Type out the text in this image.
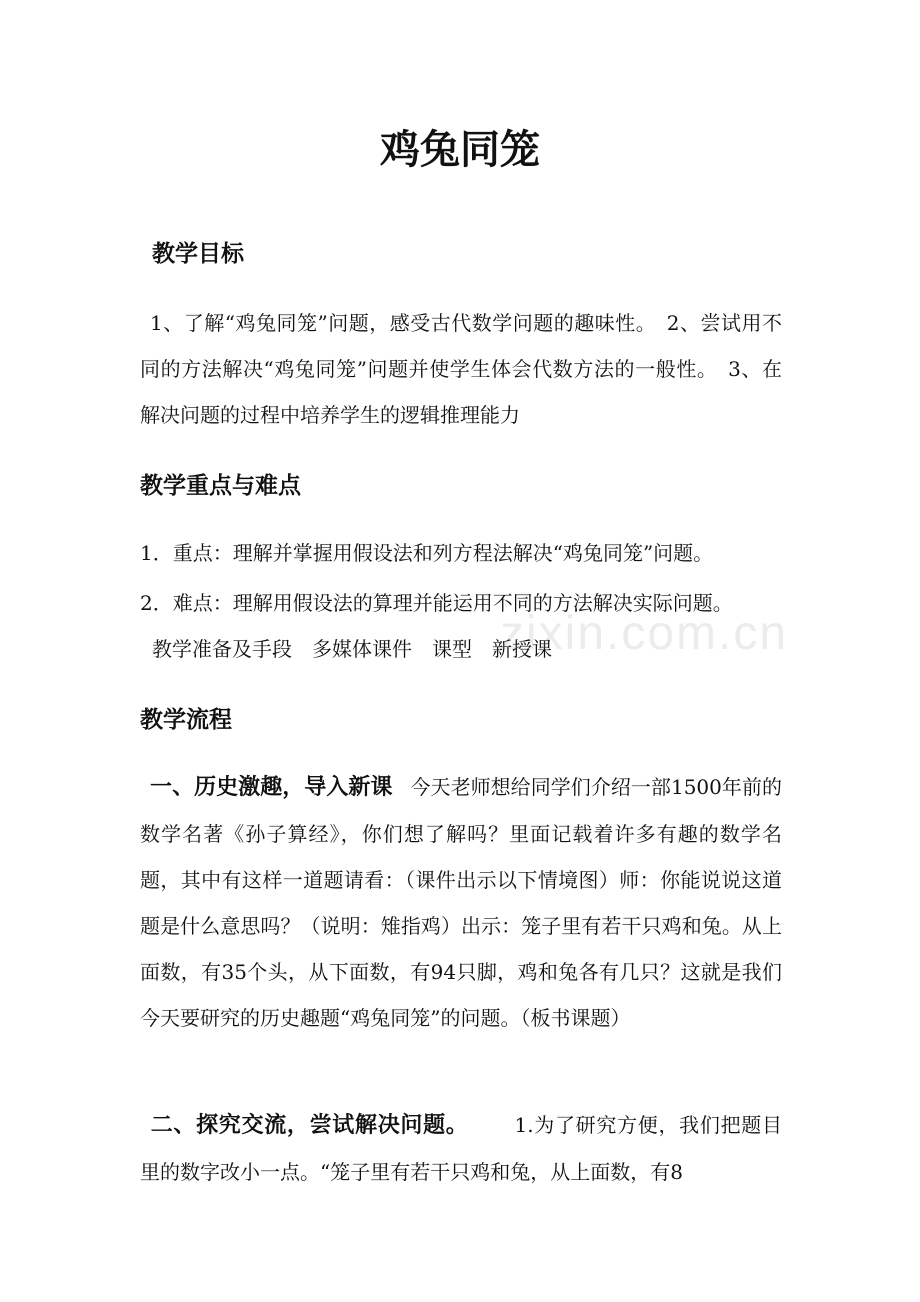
鸡兔同笼
教学目标
1、了解“鸡兔同笼”问题，感受古代数学问题的趣味性。　2、尝试用不同的方法解决“鸡兔同笼”问题并使学生体会代数方法的一般性。　3、在解决问题的过程中培养学生的逻辑推理能力
教学重点与难点
1．重点：理解并掌握用假设法和列方程法解决“鸡兔同笼”问题。
2．难点：理解用假设法的算理并能运用不同的方法解决实际问题。
教学准备及手段　多媒体课件　课型　新授课
教学流程
一、历史激趣，导入新课 今天老师想给同学们介绍一部1500年前的数学名著《孙子算经》，你们想了解吗？里面记载着许多有趣的数学名题，其中有这样一道题请看：（课件出示以下情境图）师：你能说说这道题是什么意思吗？（说明：雉指鸡）出示：笼子里有若干只鸡和兔。从上面数，有35个头，从下面数，有94只脚，鸡和兔各有几只？这就是我们今天要研究的历史趣题“鸡兔同笼”的问题。（板书课题）
二、探究交流，尝试解决问题。 1.为了研究方便，我们把题目里的数字改小一点。“笼子里有若干只鸡和兔，从上面数，有8
zixin.com.cn
